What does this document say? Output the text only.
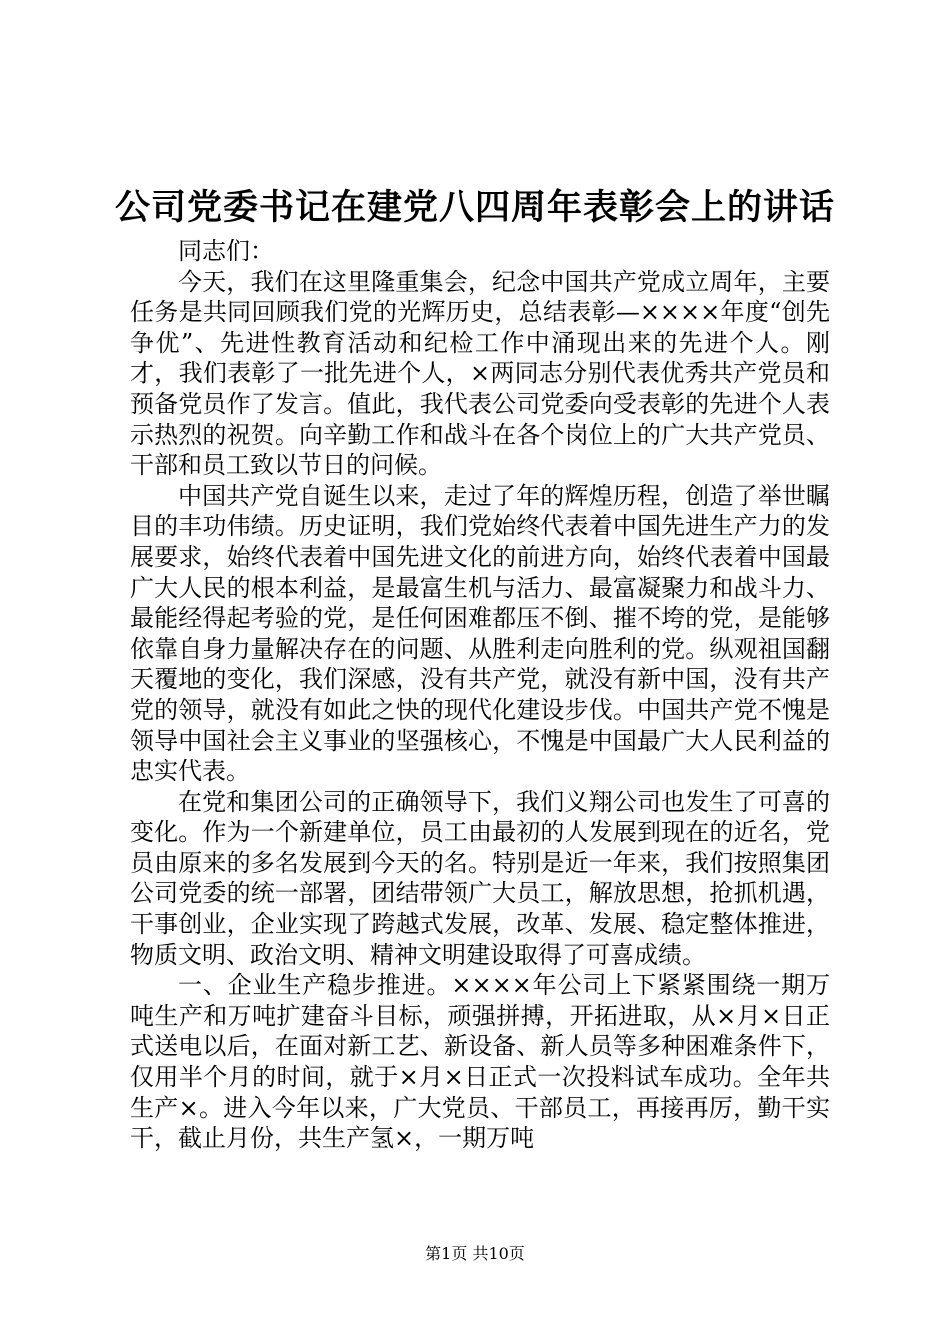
公司党委书记在建党八四周年表彰会上的讲话
同志们：

今天，我们在这里隆重集会，纪念中国共产党成立周年，主要任务是共同回顾我们党的光辉历史，总结表彰—××××年度“创先争优”、先进性教育活动和纪检工作中涌现出来的先进个人。刚才，我们表彰了一批先进个人，×两同志分别代表优秀共产党员和预备党员作了发言。值此，我代表公司党委向受表彰的先进个人表示热烈的祝贺。向辛勤工作和战斗在各个岗位上的广大共产党员、干部和员工致以节日的问候。

中国共产党自诞生以来，走过了年的辉煌历程，创造了举世瞩目的丰功伟绩。历史证明，我们党始终代表着中国先进生产力的发展要求，始终代表着中国先进文化的前进方向，始终代表着中国最广大人民的根本利益，是最富生机与活力、最富凝聚力和战斗力、最能经得起考验的党，是任何困难都压不倒、摧不垮的党，是能够依靠自身力量解决存在的问题、从胜利走向胜利的党。纵观祖国翻天覆地的变化，我们深感，没有共产党，就没有新中国，没有共产党的领导，就没有如此之快的现代化建设步伐。中国共产党不愧是领导中国社会主义事业的坚强核心，不愧是中国最广大人民利益的忠实代表。

在党和集团公司的正确领导下，我们义翔公司也发生了可喜的变化。作为一个新建单位，员工由最初的人发展到现在的近名，党员由原来的多名发展到今天的名。特别是近一年来，我们按照集团公司党委的统一部署，团结带领广大员工，解放思想，抢抓机遇，干事创业，企业实现了跨越式发展，改革、发展、稳定整体推进，物质文明、政治文明、精神文明建设取得了可喜成绩。

一、企业生产稳步推进。××××年公司上下紧紧围绕一期万吨生产和万吨扩建奋斗目标，顽强拼搏，开拓进取，从×月×日正式送电以后，在面对新工艺、新设备、新人员等多种困难条件下，仅用半个月的时间，就于×月×日正式一次投料试车成功。全年共生产×。进入今年以来，广大党员、干部员工，再接再厉，勤干实干，截止月份，共生产氢×，一期万吨

第1页 共10页
